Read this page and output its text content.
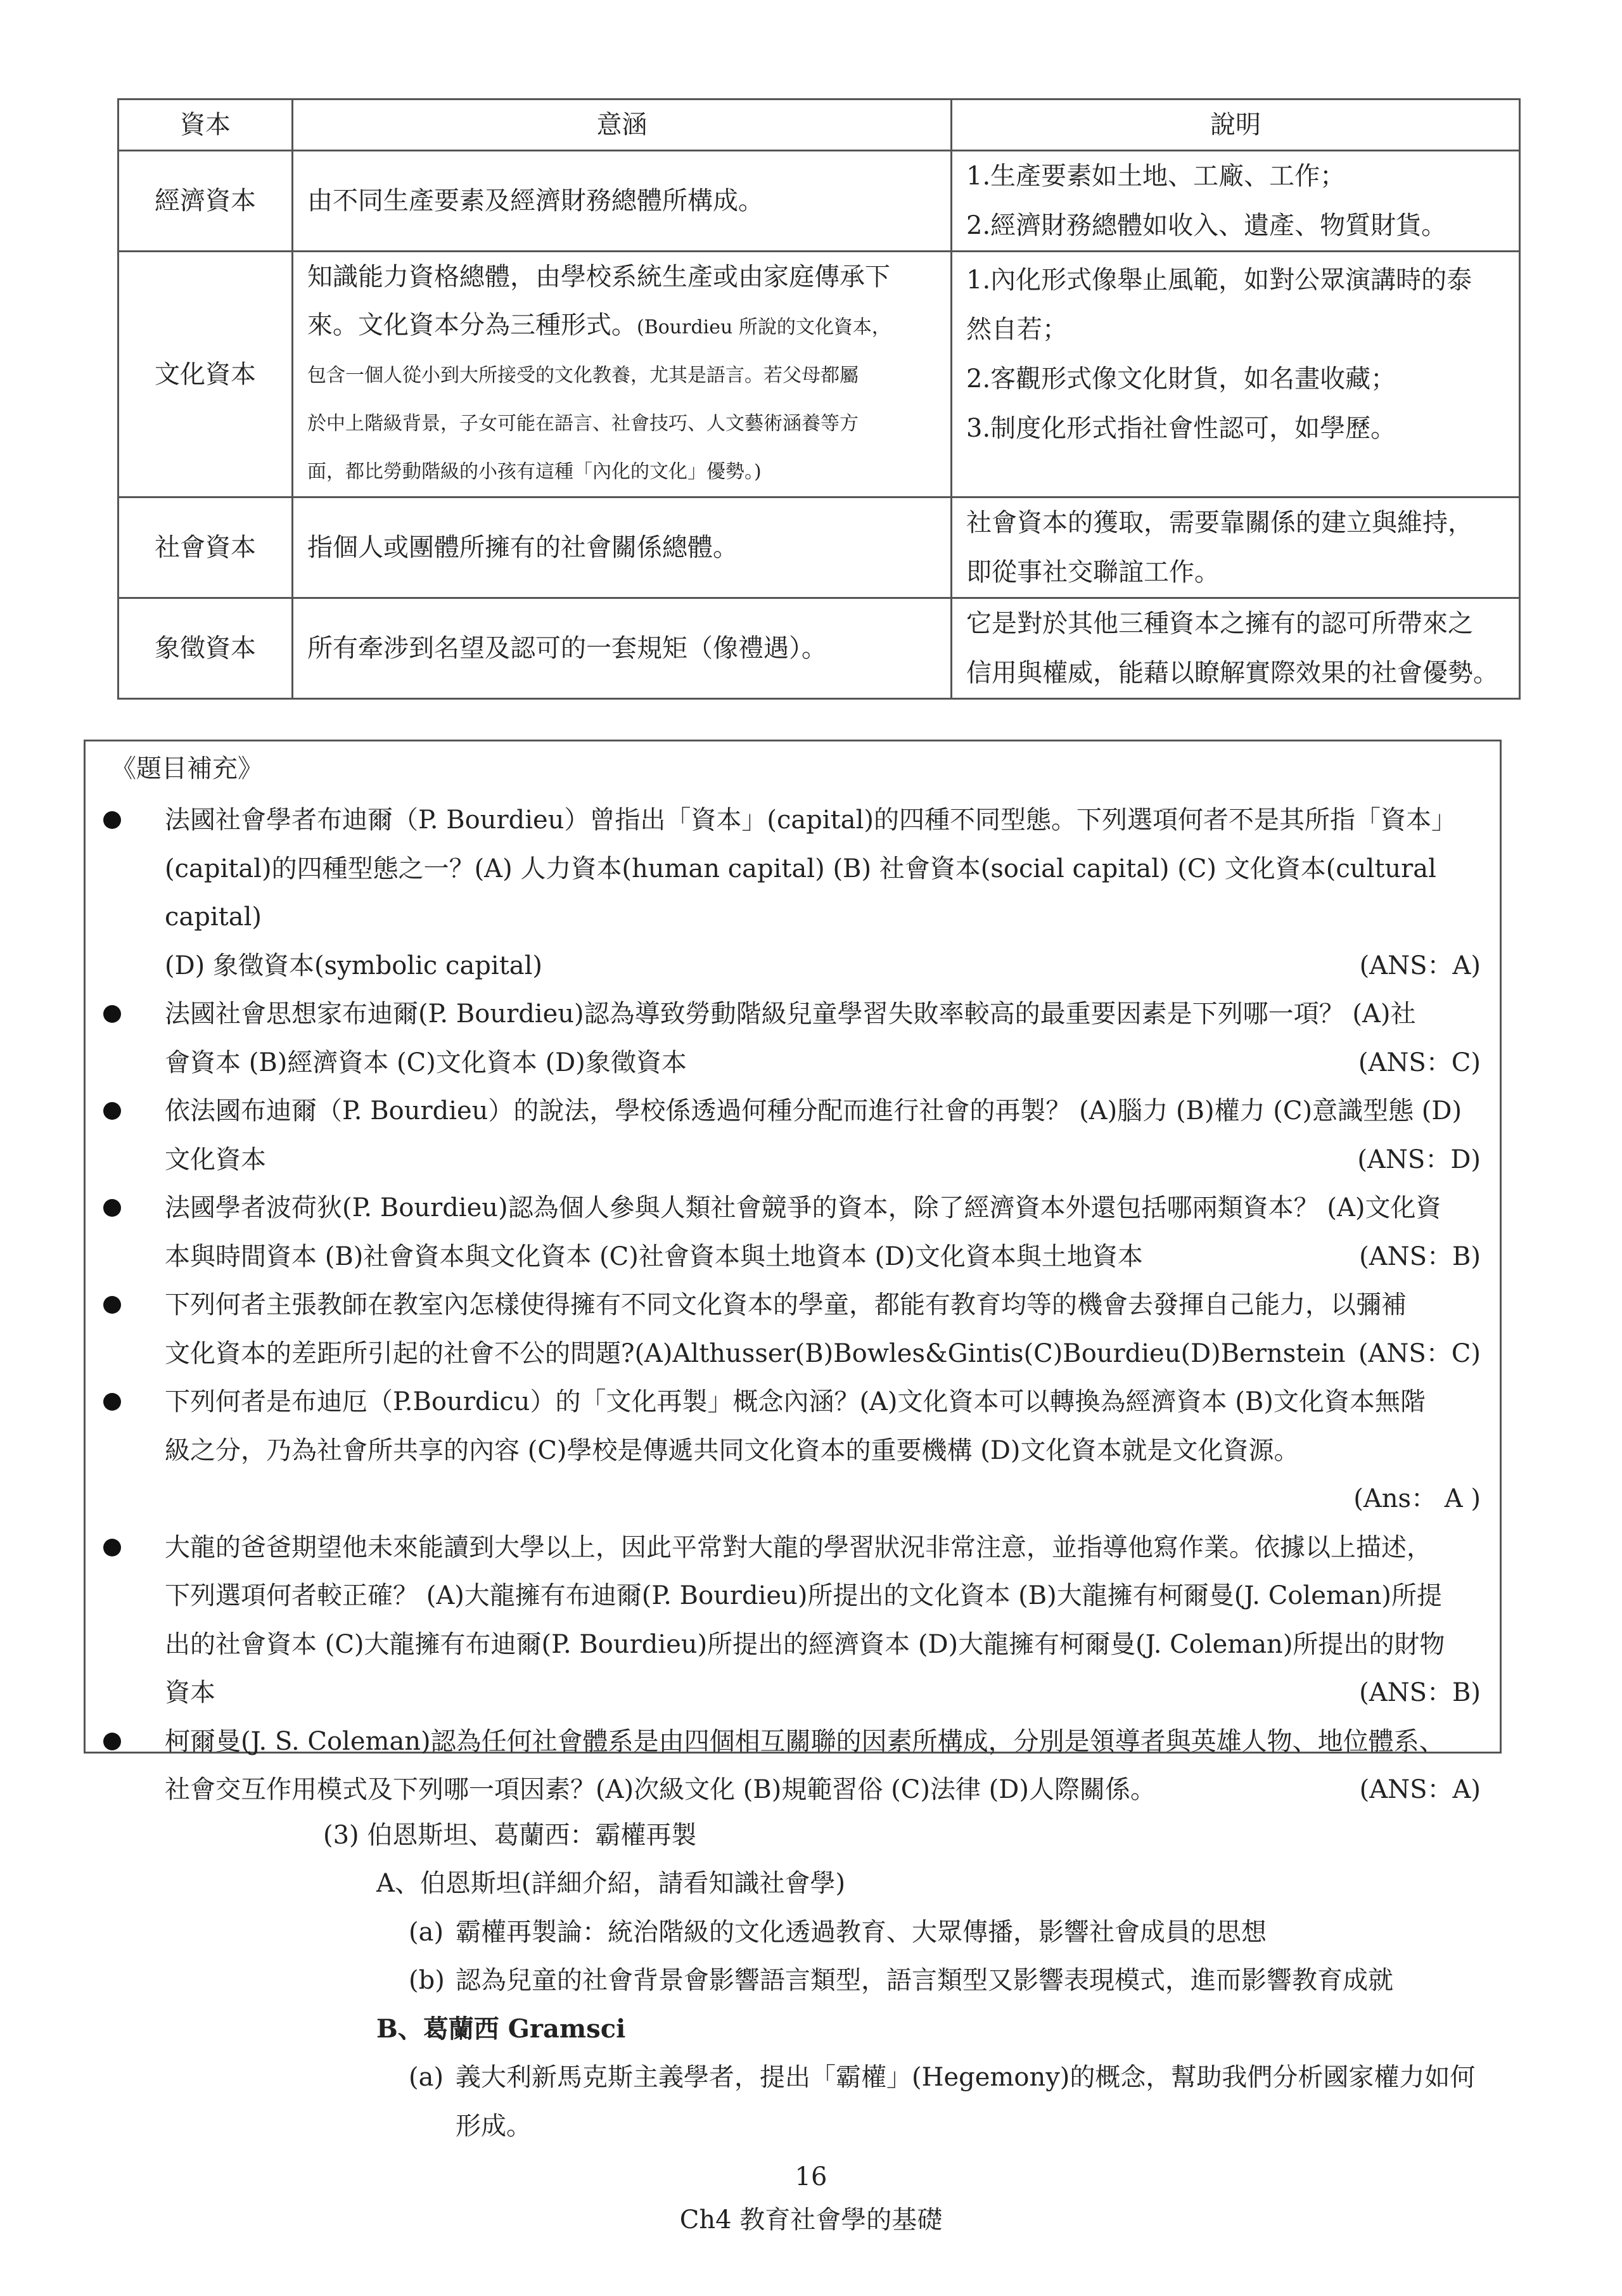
資本	意涵	說明
經濟資本	由不同生產要素及經濟財務總體所構成。	1.生產要素如土地、工廠、工作；
2.經濟財務總體如收入、遺產、物質財貨。

文化資本	知識能力資格總體，由學校系統生產或由家庭傳承下
來。文化資本分為三種形式。(Bourdieu 所說的文化資本，
包含一個人從小到大所接受的文化教養，尤其是語言。若父母都屬
於中上階級背景，子女可能在語言、社會技巧、人文藝術涵養等方
面，都比勞動階級的小孩有這種「內化的文化」優勢。)	1.內化形式像舉止風範，如對公眾演講時的泰
然自若；
2.客觀形式像文化財貨，如名畫收藏；
3.制度化形式指社會性認可，如學歷。

社會資本	指個人或團體所擁有的社會關係總體。	社會資本的獲取，需要靠關係的建立與維持，
即從事社交聯誼工作。

象徵資本	所有牽涉到名望及認可的一套規矩（像禮遇）。	它是對於其他三種資本之擁有的認可所帶來之
信用與權威，能藉以瞭解實際效果的社會優勢。
《題目補充》
法國社會學者布迪爾（P. Bourdieu）曾指出「資本」(capital)的四種不同型態。下列選項何者不是其所指「資本」
(capital)的四種型態之一？(A) 人力資本(human capital) (B) 社會資本(social capital) (C) 文化資本(cultural capital)
(D) 象徵資本(symbolic capital)	(ANS：A)
法國社會思想家布迪爾(P. Bourdieu)認為導致勞動階級兒童學習失敗率較高的最重要因素是下列哪一項？ (A)社
會資本 (B)經濟資本 (C)文化資本 (D)象徵資本	(ANS：C)
依法國布迪爾（P. Bourdieu）的說法，學校係透過何種分配而進行社會的再製？ (A)腦力 (B)權力 (C)意識型態 (D)
文化資本	(ANS：D)
法國學者波荷狄(P. Bourdieu)認為個人參與人類社會競爭的資本，除了經濟資本外還包括哪兩類資本？ (A)文化資
本與時間資本 (B)社會資本與文化資本 (C)社會資本與土地資本 (D)文化資本與土地資本	(ANS：B)
下列何者主張教師在教室內怎樣使得擁有不同文化資本的學童，都能有教育均等的機會去發揮自己能力，以彌補
文化資本的差距所引起的社會不公的問題?(A)Althusser(B)Bowles&Gintis(C)Bourdieu(D)Bernstein (ANS：C)
下列何者是布迪厄（P.Bourdicu）的「文化再製」概念內涵？(A)文化資本可以轉換為經濟資本 (B)文化資本無階
級之分，乃為社會所共享的內容 (C)學校是傳遞共同文化資本的重要機構 (D)文化資本就是文化資源。
(Ans： A )
大龍的爸爸期望他未來能讀到大學以上，因此平常對大龍的學習狀況非常注意，並指導他寫作業。依據以上描述，
下列選項何者較正確？ (A)大龍擁有布迪爾(P. Bourdieu)所提出的文化資本 (B)大龍擁有柯爾曼(J. Coleman)所提
出的社會資本 (C)大龍擁有布迪爾(P. Bourdieu)所提出的經濟資本 (D)大龍擁有柯爾曼(J. Coleman)所提出的財物
資本	(ANS：B)
柯爾曼(J. S. Coleman)認為任何社會體系是由四個相互關聯的因素所構成，分別是領導者與英雄人物、地位體系、
社會交互作用模式及下列哪一項因素？(A)次級文化 (B)規範習俗 (C)法律 (D)人際關係。	(ANS：A)
(3) 伯恩斯坦、葛蘭西：霸權再製
A、伯恩斯坦(詳細介紹，請看知識社會學)
(a) 霸權再製論：統治階級的文化透過教育、大眾傳播，影響社會成員的思想
(b) 認為兒童的社會背景會影響語言類型，語言類型又影響表現模式，進而影響教育成就
B、葛蘭西 Gramsci
(a) 義大利新馬克斯主義學者，提出「霸權」(Hegemony)的概念，幫助我們分析國家權力如何
形成。
16
Ch4 教育社會學的基礎
